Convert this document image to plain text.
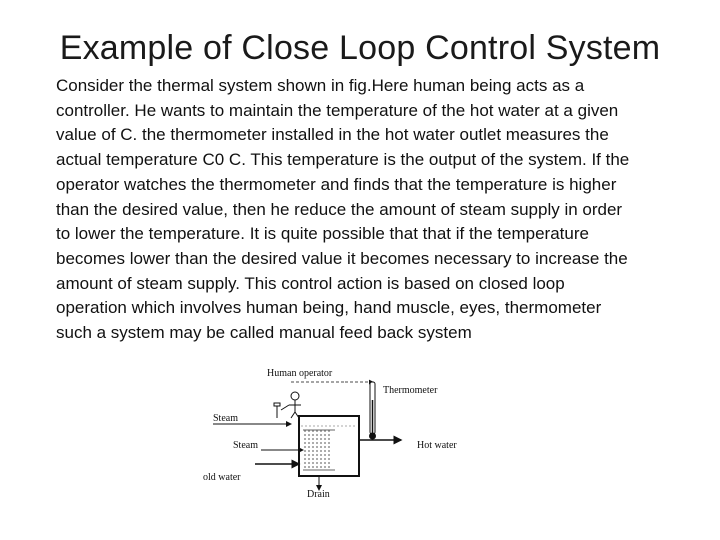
Example of Close Loop Control System
Consider the thermal system shown in fig.Here human being acts as a
controller. He wants to maintain the temperature of the hot water at a given
value of C. the thermometer installed in the hot water outlet measures the
actual temperature C0 C. This temperature is the output of the system. If the
operator watches the thermometer and finds that the temperature is higher
than the desired value, then he reduce the amount of steam supply in order
to lower the temperature. It is quite possible that that if the temperature
becomes lower than the desired value it becomes necessary to increase the
amount of steam supply. This control action is based on closed loop
operation which involves human being, hand muscle, eyes, thermometer
such a system may be called manual feed back system
Human operator
Thermometer
Steam
Steam	Hot water
old water
Drain
